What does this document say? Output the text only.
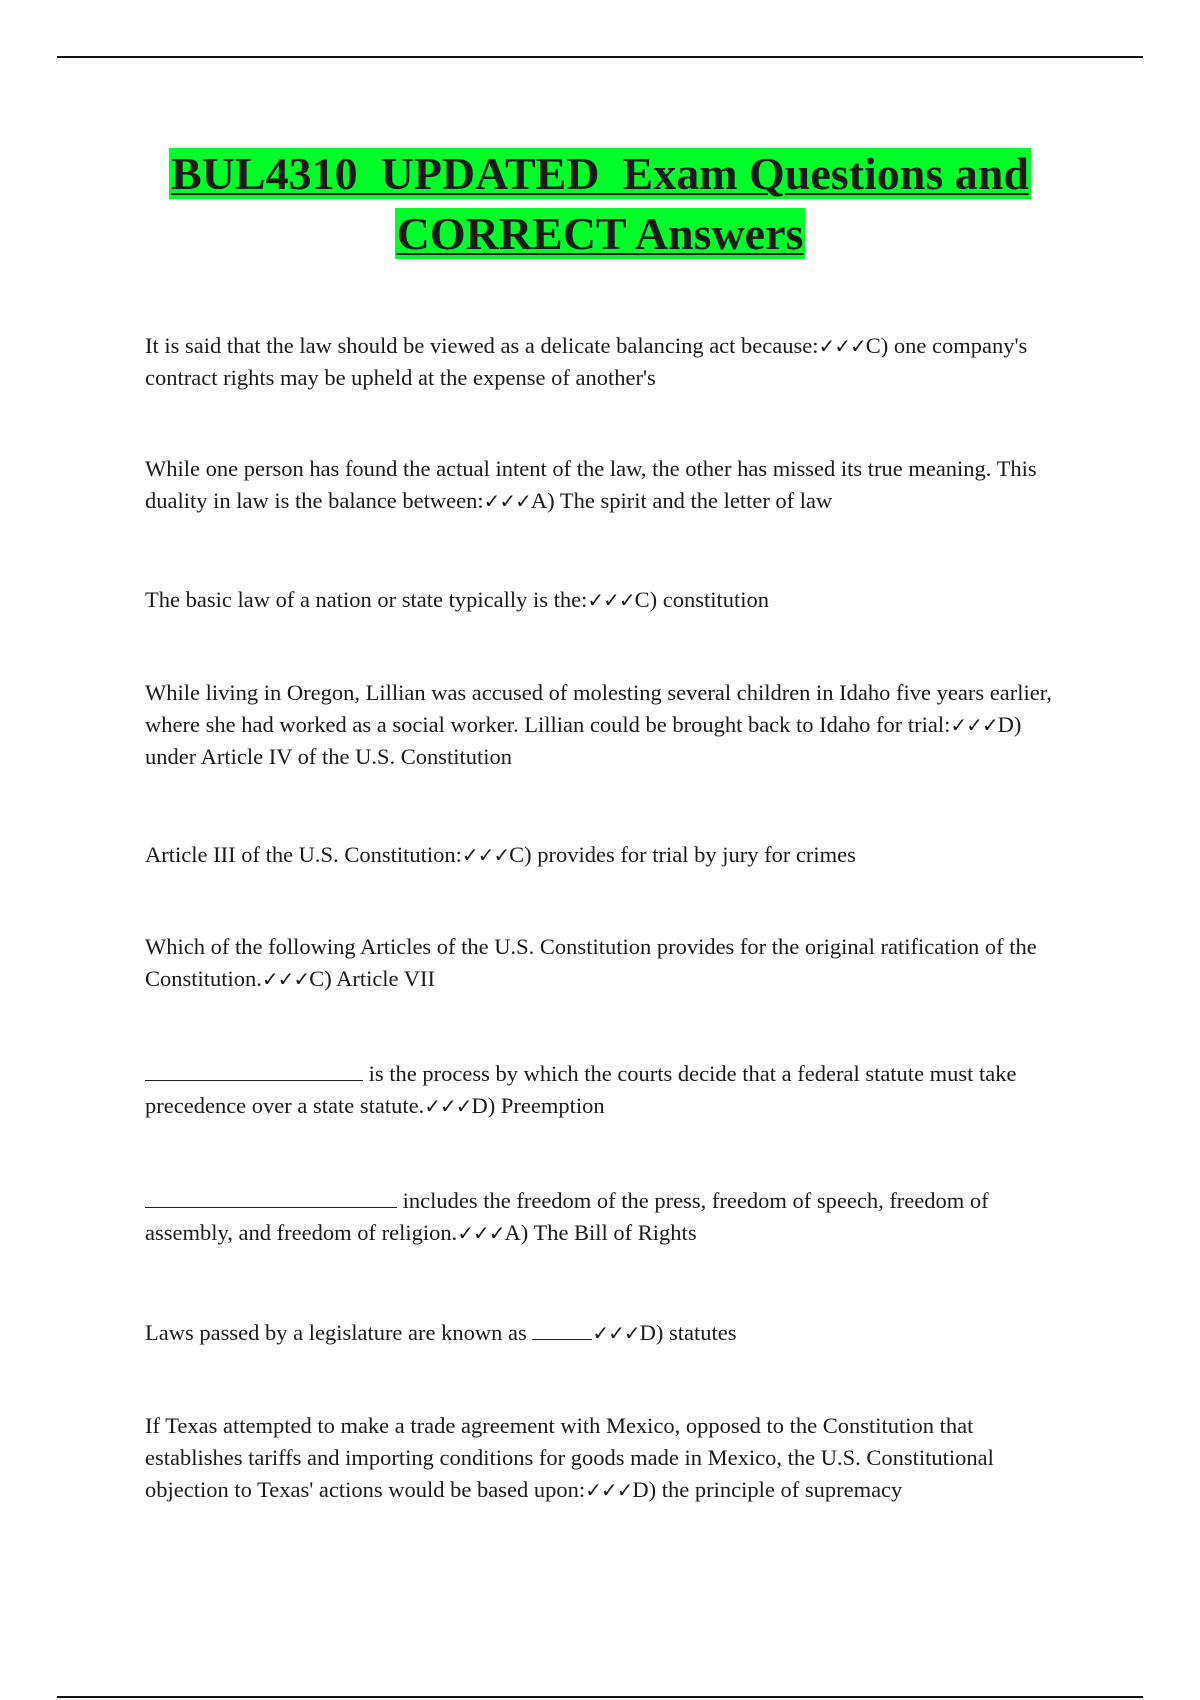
BUL4310  UPDATED  Exam Questions and
CORRECT Answers

It is said that the law should be viewed as a delicate balancing act because:✓✓✓C) one company's contract rights may be upheld at the expense of another's

While one person has found the actual intent of the law, the other has missed its true meaning. This duality in law is the balance between:✓✓✓A) The spirit and the letter of law

The basic law of a nation or state typically is the:✓✓✓C) constitution

While living in Oregon, Lillian was accused of molesting several children in Idaho five years earlier, where she had worked as a social worker. Lillian could be brought back to Idaho for trial:✓✓✓D) under Article IV of the U.S. Constitution

Article III of the U.S. Constitution:✓✓✓C) provides for trial by jury for crimes

Which of the following Articles of the U.S. Constitution provides for the original ratification of the Constitution.✓✓✓C) Article VII

is the process by which the courts decide that a federal statute must take precedence over a state statute.✓✓✓D) Preemption

includes the freedom of the press, freedom of speech, freedom of assembly, and freedom of religion.✓✓✓A) The Bill of Rights

Laws passed by a legislature are known as	✓✓✓D) statutes

If Texas attempted to make a trade agreement with Mexico, opposed to the Constitution that establishes tariffs and importing conditions for goods made in Mexico, the U.S. Constitutional objection to Texas' actions would be based upon:✓✓✓D) the principle of supremacy
